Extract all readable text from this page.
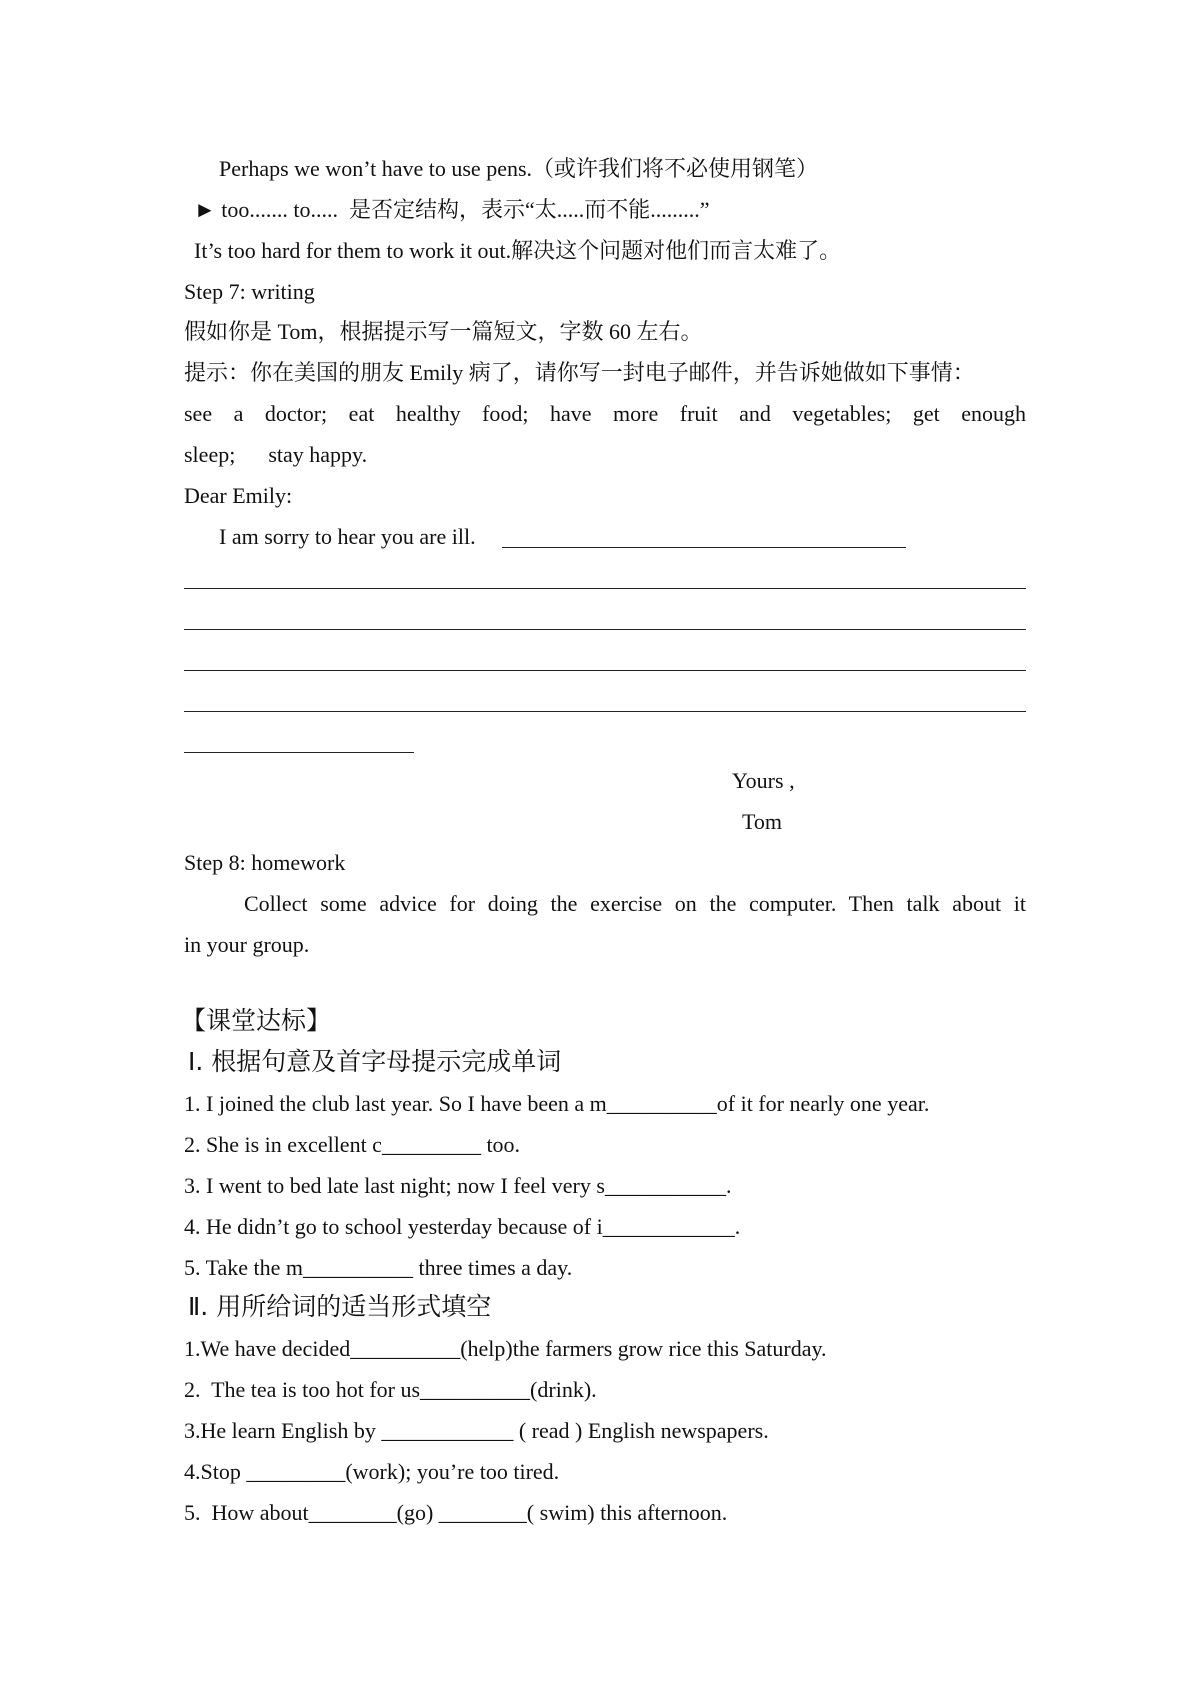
Perhaps we won’t have to use pens.（或许我们将不必使用钢笔）
► too....... to.....  是否定结构，表示“太.....而不能.........”
It’s too hard for them to work it out.解决这个问题对他们而言太难了。
Step 7: writing
假如你是 Tom，根据提示写一篇短文，字数 60 左右。
提示：你在美国的朋友 Emily 病了，请你写一封电子邮件，并告诉她做如下事情：
see a doctor; eat healthy food; have more fruit and vegetables; get enough
sleep;      stay happy.
Dear Emily:
I am sorry to hear you are ill.
Yours ,
Tom
Step 8: homework
Collect some advice for doing the exercise on the computer. Then talk about it
in your group.
【课堂达标】
Ⅰ. 根据句意及首字母提示完成单词
1. I joined the club last year. So I have been a m__________of it for nearly one year.
2. She is in excellent c_________ too.
3. I went to bed late last night; now I feel very s___________.
4. He didn’t go to school yesterday because of i____________.
5. Take the m__________ three times a day.
Ⅱ. 用所给词的适当形式填空
1.We have decided__________(help)the farmers grow rice this Saturday.
2.  The tea is too hot for us__________(drink).
3.He learn English by ____________ ( read ) English newspapers.
4.Stop _________(work); you’re too tired.
5.  How about________(go) ________( swim) this afternoon.
